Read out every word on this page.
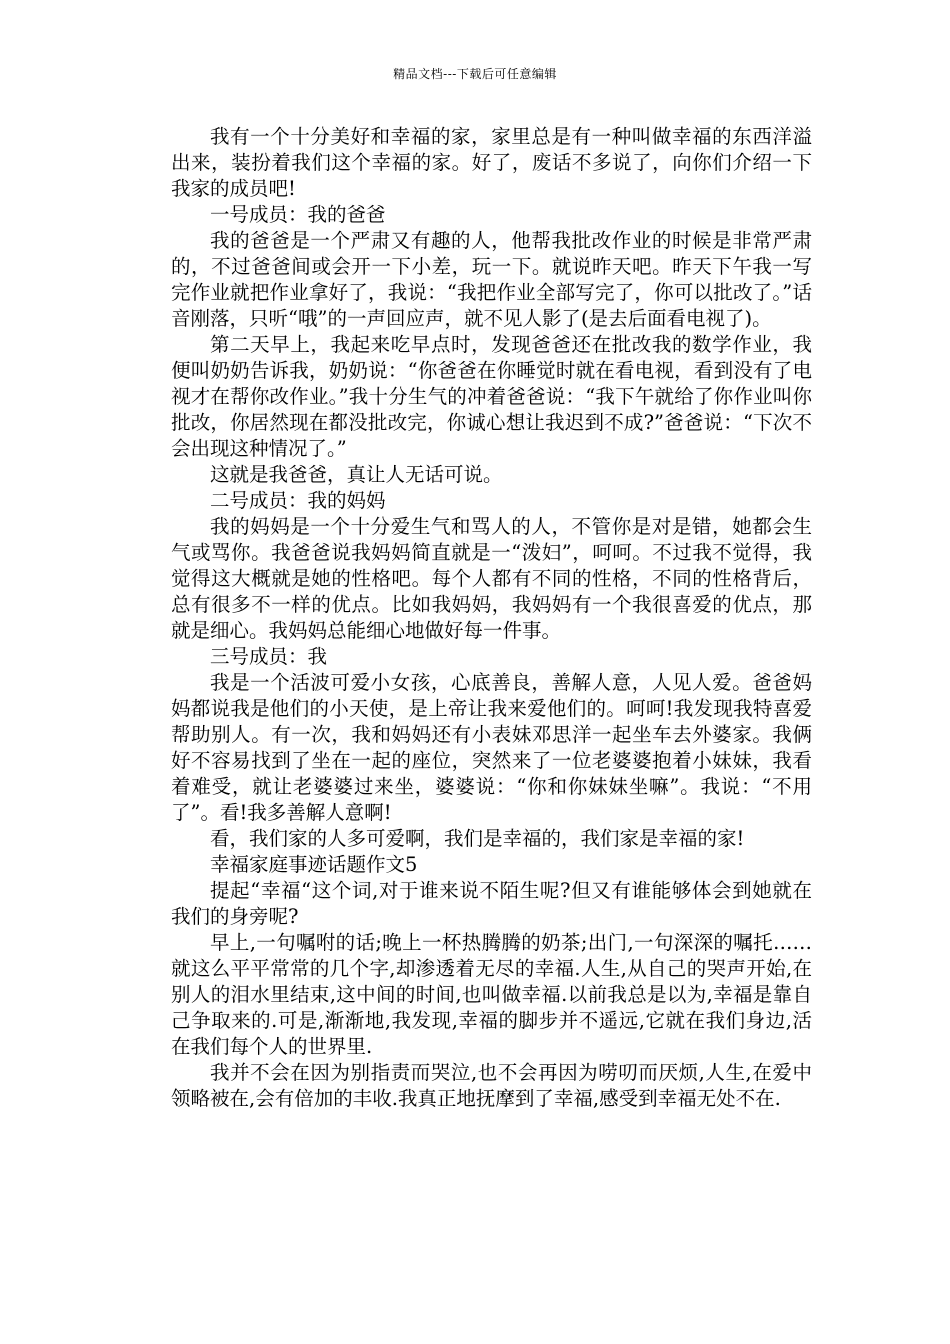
精品文档---下载后可任意编辑

我有一个十分美好和幸福的家，家里总是有一种叫做幸福的东西洋溢出来，装扮着我们这个幸福的家。好了，废话不多说了，向你们介绍一下我家的成员吧!

一号成员：我的爸爸

我的爸爸是一个严肃又有趣的人，他帮我批改作业的时候是非常严肃的，不过爸爸间或会开一下小差，玩一下。就说昨天吧。昨天下午我一写完作业就把作业拿好了，我说：“我把作业全部写完了，你可以批改了。”话音刚落，只听“哦”的一声回应声，就不见人影了(是去后面看电视了)。

第二天早上，我起来吃早点时，发现爸爸还在批改我的数学作业，我便叫奶奶告诉我，奶奶说：“你爸爸在你睡觉时就在看电视，看到没有了电视才在帮你改作业。”我十分生气的冲着爸爸说：“我下午就给了你作业叫你批改，你居然现在都没批改完，你诚心想让我迟到不成?”爸爸说：“下次不会出现这种情况了。”

这就是我爸爸，真让人无话可说。

二号成员：我的妈妈

我的妈妈是一个十分爱生气和骂人的人，不管你是对是错，她都会生气或骂你。我爸爸说我妈妈简直就是一“泼妇”，呵呵。不过我不觉得，我觉得这大概就是她的性格吧。每个人都有不同的性格，不同的性格背后，总有很多不一样的优点。比如我妈妈，我妈妈有一个我很喜爱的优点，那就是细心。我妈妈总能细心地做好每一件事。

三号成员：我

我是一个活波可爱小女孩，心底善良，善解人意，人见人爱。爸爸妈妈都说我是他们的小天使，是上帝让我来爱他们的。呵呵!我发现我特喜爱帮助别人。有一次，我和妈妈还有小表妹邓思洋一起坐车去外婆家。我俩好不容易找到了坐在一起的座位，突然来了一位老婆婆抱着小妹妹，我看着难受，就让老婆婆过来坐，婆婆说：“你和你妹妹坐嘛”。我说：“不用了”。看!我多善解人意啊!

看，我们家的人多可爱啊，我们是幸福的，我们家是幸福的家!

幸福家庭事迹话题作文5

提起“幸福“这个词,对于谁来说不陌生呢?但又有谁能够体会到她就在我们的身旁呢?

早上,一句嘱咐的话;晚上一杯热腾腾的奶茶;出门,一句深深的嘱托……就这么平平常常的几个字,却渗透着无尽的幸福.人生,从自己的哭声开始,在别人的泪水里结束,这中间的时间,也叫做幸福.以前我总是以为,幸福是靠自己争取来的.可是,渐渐地,我发现,幸福的脚步并不遥远,它就在我们身边,活在我们每个人的世界里.

我并不会在因为别指责而哭泣,也不会再因为唠叨而厌烦,人生,在爱中领略被在,会有倍加的丰收.我真正地抚摩到了幸福,感受到幸福无处不在.
